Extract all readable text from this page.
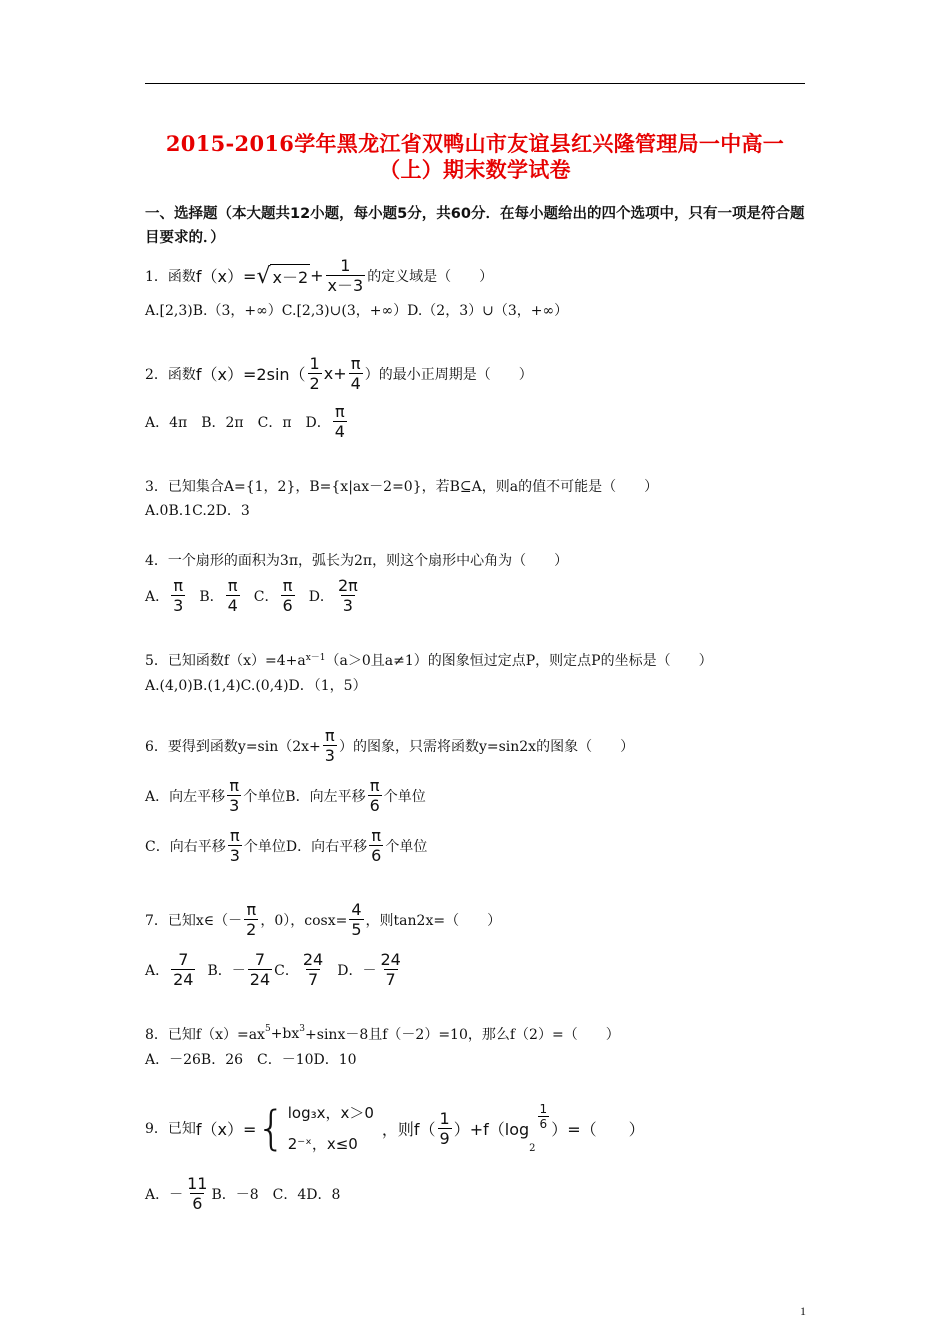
2015-2016学年黑龙江省双鸭山市友谊县红兴隆管理局一中高一
（上）期末数学试卷
一、选择题（本大题共12小题，每小题5分，共60分．在每小题给出的四个选项中，只有一项是符合题目要求的．）
1．函数 f（x）= √ $x-2 + \frac{1}{x-3}$ 的定义域是（　　）
A.[2,3)B.（3，+∞）C.[2,3)∪(3，+∞）D.（2，3）∪（3，+∞）
2．函数 $f(x)=2\sin( \frac{1}{2} x+ \frac{\pi}{4}$ ）的最小正周期是（　　）
A．4π　B．2π　C．π　D． $\frac{\pi}{4}$
3．已知集合A={1，2}，B={x|ax－2=0}，若B⊆A，则a的值不可能是（　　）
A.0B.1C.2D．3
4．一个扇形的面积为3π，弧长为2π，则这个扇形中心角为（　　）
A． $\frac{\pi}{3}$ B． $\frac{\pi}{4}$ C． $\frac{\pi}{6}$ D． $\frac{2\pi}{3}$
5．已知函数$f(x)=4+a^{x-1}$ （a＞0且a≠1）的图象恒过定点P，则定点P的坐标是（　　）
A.(4,0)B.(1,4)C.(0,4)D．（1，5）
6．要得到函数$y=\sin(2x+ \frac{\pi}{3}$ ）的图象，只需将函数y=sin2x的图象（　　）
A．向左平移 $\frac{\pi}{3}$ 个单位B．向左平移 $\frac{\pi}{6}$ 个单位
C．向右平移 $\frac{\pi}{3}$ 个单位D．向右平移 $\frac{\pi}{6}$ 个单位
7．已知x∈（－ $\frac{\pi}{2}$ ，0），$\cos x= \frac{4}{5}$ ，则tan2x=（　　）
A． $\frac{7}{24}$ B．－ $\frac{7}{24}$ C． $\frac{24}{7}$ D．－ $\frac{24}{7}$
8．已知$f(x)=ax^5 +bx^3 +\sin x-8$且f（－2）=10，那么f（2）=（　　）
A．－26B．26　C．－10D．10
9．已知 f（x）= { log₃x，x＞0
2⁻ˣ，x≤0
，则$f( \frac{1}{9} )+f(\log$
2
$\frac{1}{6}$ ）=（　　）
A．－ $\frac{11}{6}$ B．－8　C．4D．8
1
